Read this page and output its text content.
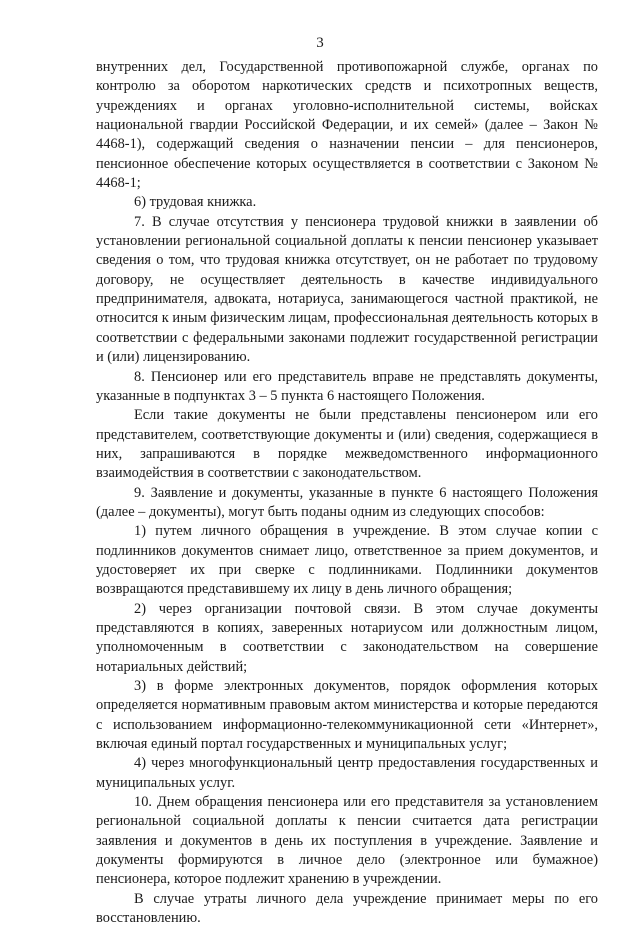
3

внутренних дел, Государственной противопожарной службе, органах по контролю за оборотом наркотических средств и психотропных веществ, учреждениях и органах уголовно-исполнительной системы, войсках национальной гвардии Российской Федерации, и их семей» (далее – Закон № 4468-1), содержащий сведения о назначении пенсии – для пенсионеров, пенсионное обеспечение которых осуществляется в соответствии с Законом № 4468-1;

6) трудовая книжка.

7. В случае отсутствия у пенсионера трудовой книжки в заявлении об установлении региональной социальной доплаты к пенсии пенсионер указывает сведения о том, что трудовая книжка отсутствует, он не работает по трудовому договору, не осуществляет деятельность в качестве индивидуального предпринимателя, адвоката, нотариуса, занимающегося частной практикой, не относится к иным физическим лицам, профессиональная деятельность которых в соответствии с федеральными законами подлежит государственной регистрации и (или) лицензированию.

8. Пенсионер или его представитель вправе не представлять документы, указанные в подпунктах 3 – 5 пункта 6 настоящего Положения.

Если такие документы не были представлены пенсионером или его представителем, соответствующие документы и (или) сведения, содержащиеся в них, запрашиваются в порядке межведомственного информационного взаимодействия в соответствии с законодательством.

9. Заявление и документы, указанные в пункте 6 настоящего Положения (далее – документы), могут быть поданы одним из следующих способов:

1) путем личного обращения в учреждение. В этом случае копии с подлинников документов снимает лицо, ответственное за прием документов, и удостоверяет их при сверке с подлинниками. Подлинники документов возвращаются представившему их лицу в день личного обращения;

2) через организации почтовой связи. В этом случае документы представляются в копиях, заверенных нотариусом или должностным лицом, уполномоченным в соответствии с законодательством на совершение нотариальных действий;

3) в форме электронных документов, порядок оформления которых определяется нормативным правовым актом министерства и которые передаются с использованием информационно-телекоммуникационной сети «Интернет», включая единый портал государственных и муниципальных услуг;

4) через многофункциональный центр предоставления государственных и муниципальных услуг.

10. Днем обращения пенсионера или его представителя за установлением региональной социальной доплаты к пенсии считается дата регистрации заявления и документов в день их поступления в учреждение. Заявление и документы формируются в личное дело (электронное или бумажное) пенсионера, которое подлежит хранению в учреждении.

В случае утраты личного дела учреждение принимает меры по его восстановлению.
